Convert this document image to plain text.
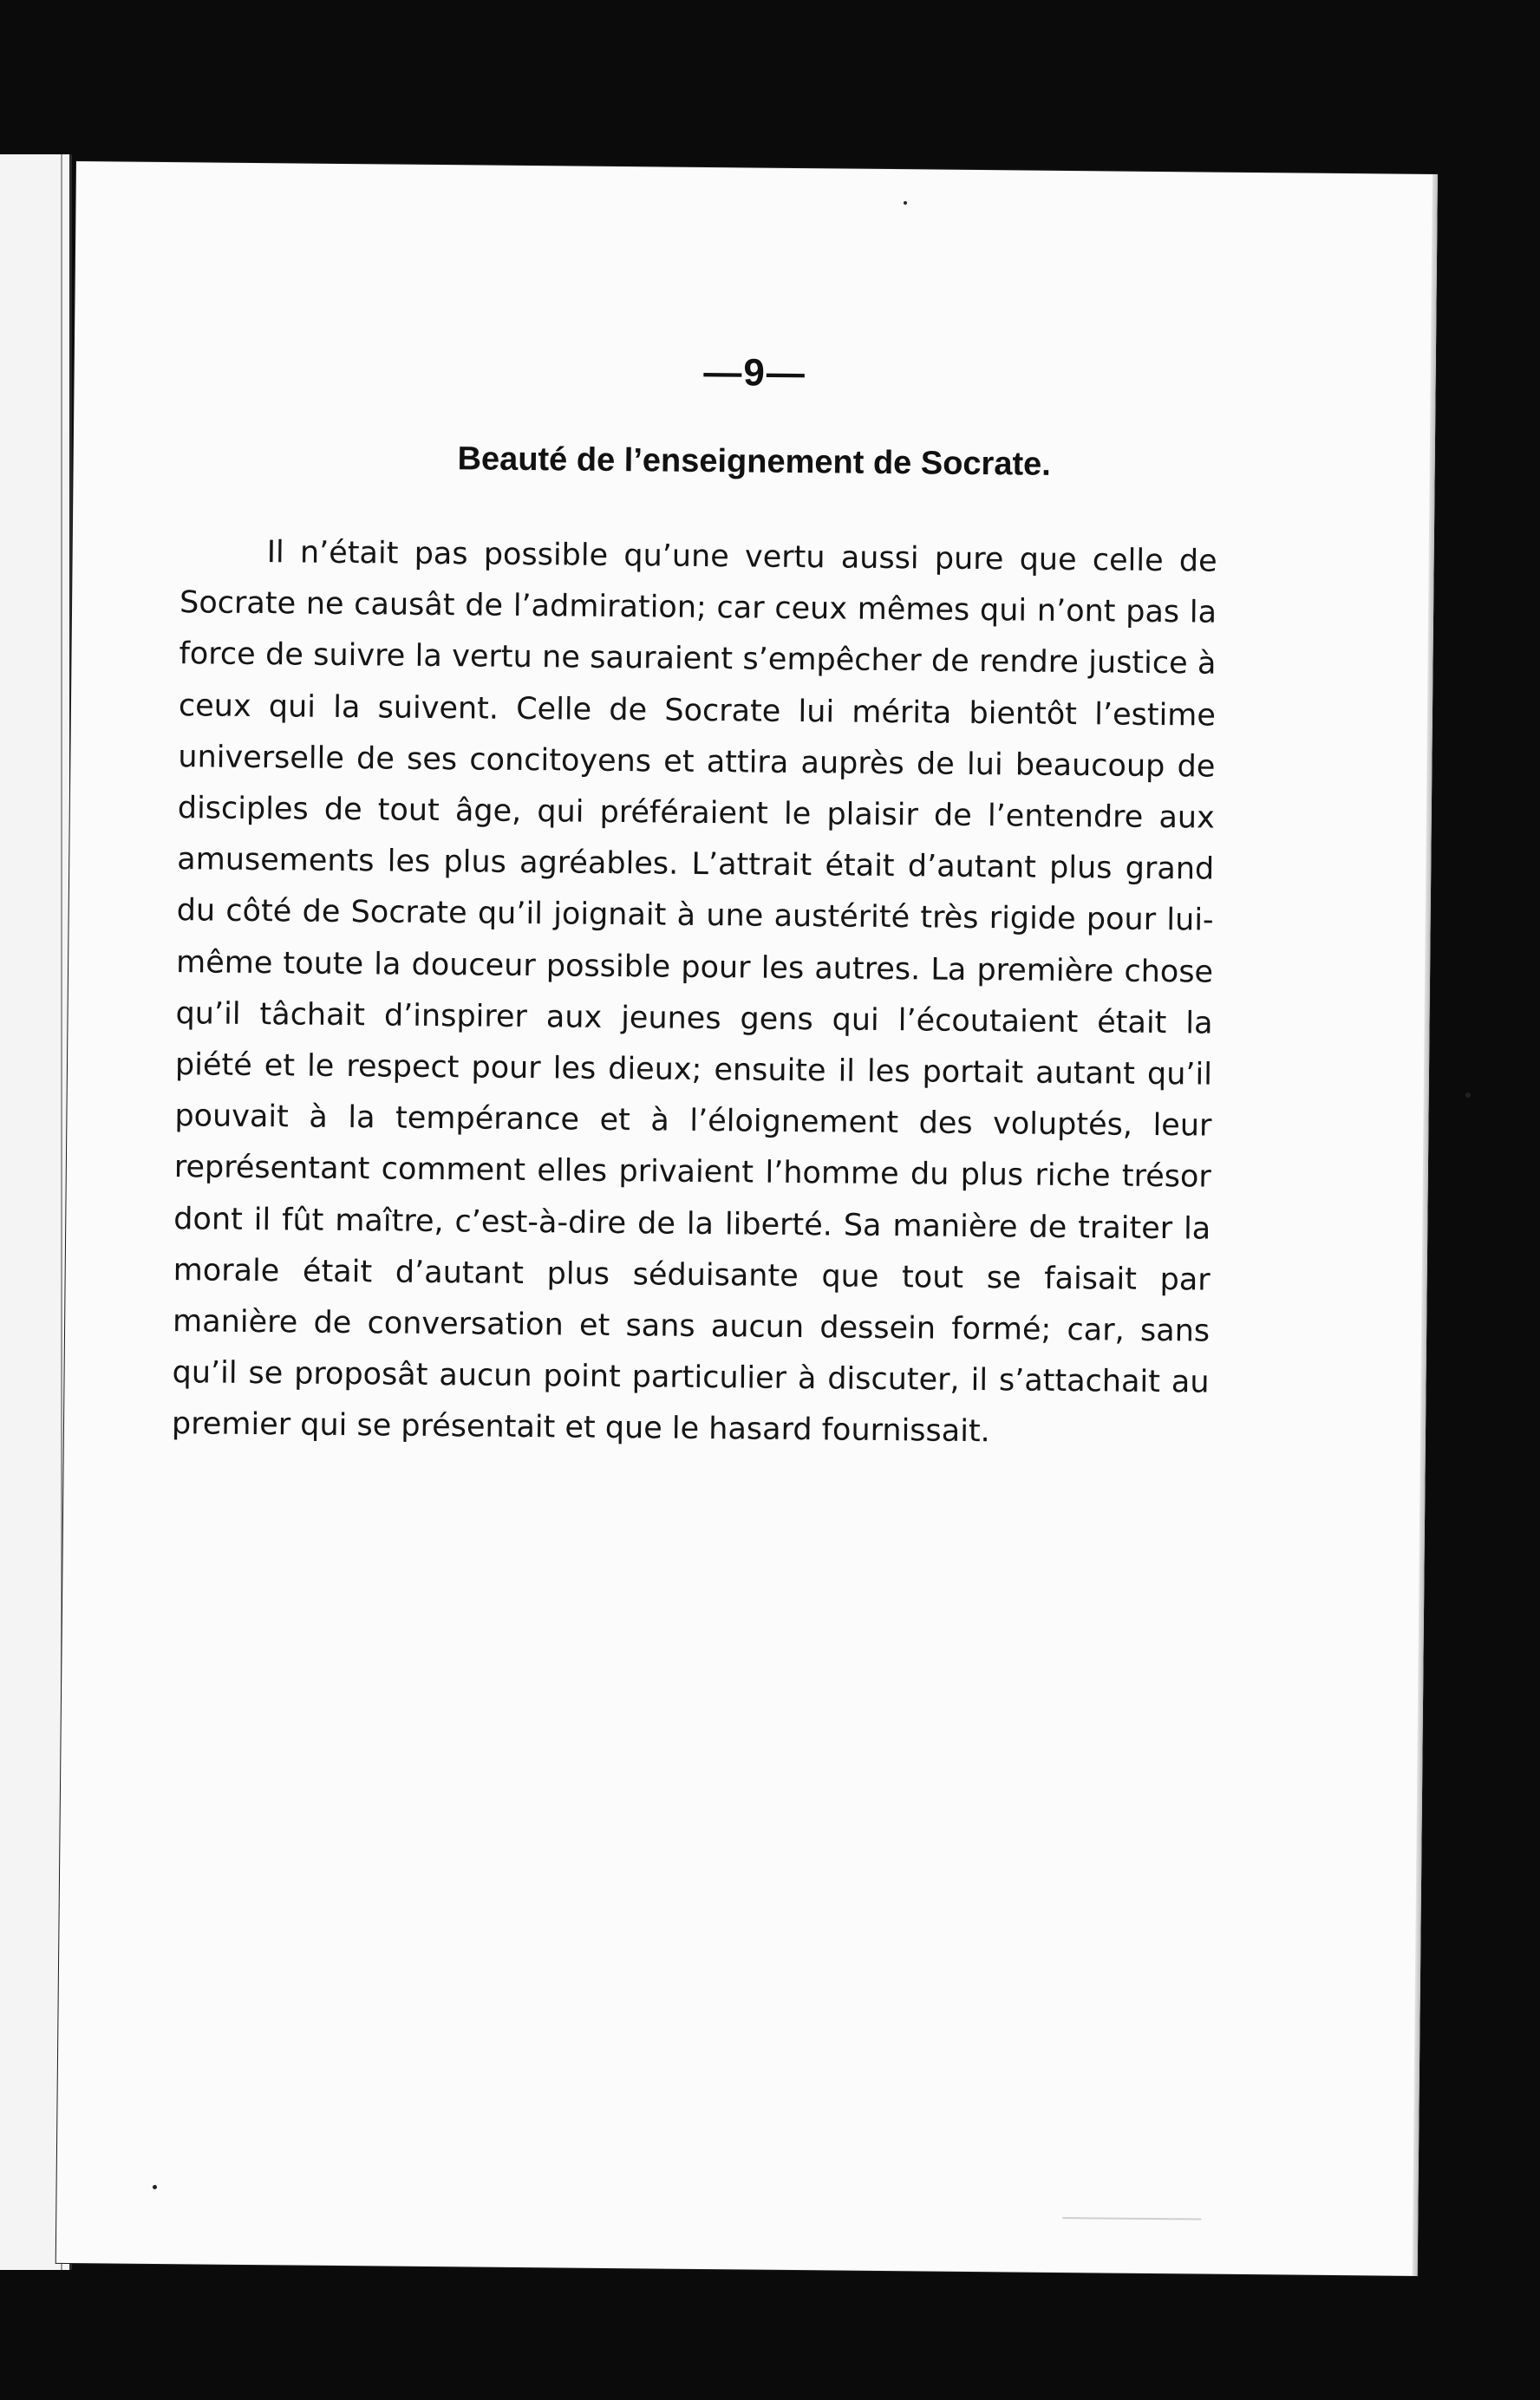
—9—
Beauté de l’enseignement de Socrate.

Il n’était pas possible qu’une vertu aussi pure que celle de Socrate ne causât de l’admiration; car ceux mêmes qui n’ont pas la force de suivre la vertu ne sauraient s’empêcher de rendre justice à ceux qui la suivent. Celle de Socrate lui mérita bientôt l’estime universelle de ses concitoyens et attira auprès de lui beaucoup de disciples de tout âge, qui préféraient le plaisir de l’entendre aux amusements les plus agréables. L’attrait était d’autant plus grand du côté de Socrate qu’il joignait à une austérité très rigide pour lui-même toute la douceur possible pour les autres. La première chose qu’il tâchait d’inspirer aux jeunes gens qui l’écoutaient était la piété et le respect pour les dieux; ensuite il les portait autant qu’il pouvait à la tempérance et à l’éloignement des voluptés, leur représentant comment elles privaient l’homme du plus riche trésor dont il fût maître, c’est-à-dire de la liberté. Sa manière de traiter la morale était d’autant plus séduisante que tout se faisait par manière de conversation et sans aucun dessein formé; car, sans qu’il se proposât aucun point particulier à discuter, il s’attachait au premier qui se présentait et que le hasard fournissait.
